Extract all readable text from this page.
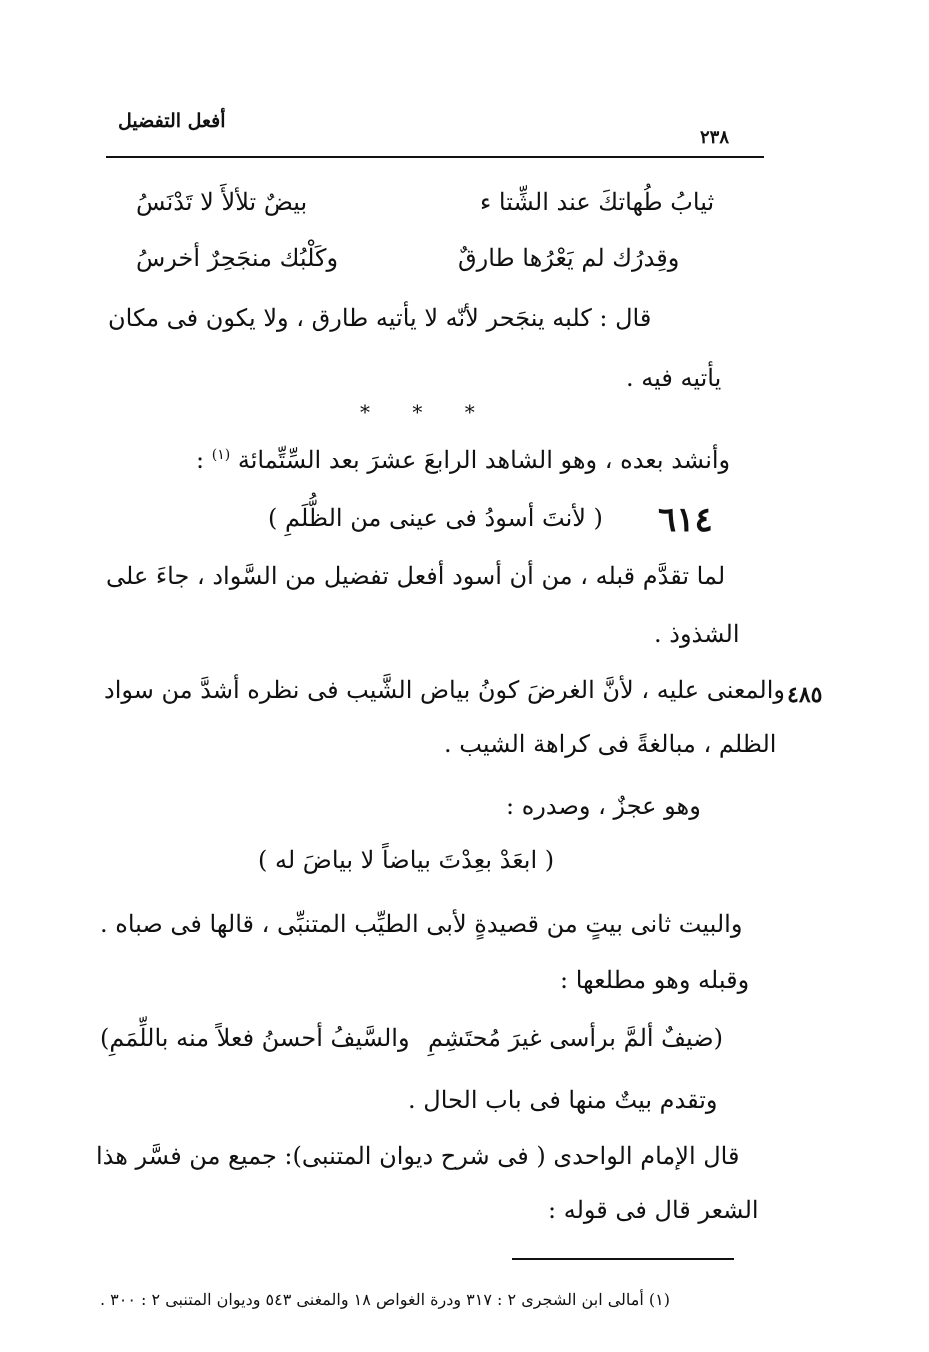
أفعل التفضيل
٢٣٨
ثيابُ طُهاتكَ عند الشِّتا ء
بيضٌ تلألأَ لا تَدْنَسُ
وقِدرُك لم يَعْرُها طارقٌ
وكَلْبُك منجَحِرٌ أخرسُ
قال : كلبه ينجَحر لأنّه لا يأتيه طارق ، ولا يكون فى مكان
يأتيه فيه .
* * *
وأنشد بعده ، وهو الشاهد الرابعَ عشرَ بعد السِّتِّمائة $^{(١)}$ :
٦١٤
( لأنتَ أسودُ فى عينى من الظُّلَمِ )
لما تقدَّم قبله ، من أن أسود أفعل تفضيل من السَّواد ، جاءَ على
الشذوذ .
٤٨٥
والمعنى عليه ، لأنَّ الغرضَ كونُ بياض الشَّيب فى نظره أشدَّ من سواد
الظلم ، مبالغةً فى كراهة الشيب .
وهو عجزٌ ، وصدره :
( ابعَدْ بعِدْتَ بياضاً لا بياضَ له )
والبيت ثانى بيتٍ من قصيدةٍ لأبى الطيِّب المتنبِّى ، قالها فى صباه .
وقبله وهو مطلعها :
(ضيفٌ ألمَّ برأسى غيرَ مُحتَشِمِ
والسَّيفُ أحسنُ فعلاً منه باللِّمَمِ)
وتقدم بيتٌ منها فى باب الحال .
قال الإمام الواحدى ( فى شرح ديوان المتنبى): جميع من فسَّر هذا
الشعر قال فى قوله :
(١) أمالى ابن الشجرى ٢ : ٣١٧ ودرة الغواص ١٨ والمغنى ٥٤٣ وديوان المتنبى ٢ : ٣٠٠ .
